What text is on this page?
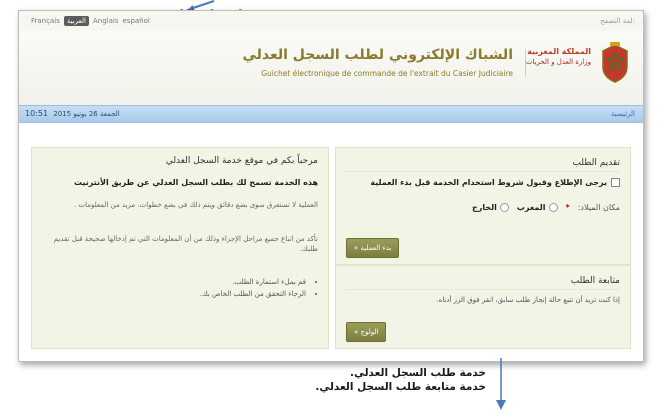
Français	العربية	Anglais español	لمة التصفح:
المملكة المغربية
وزارة العدل و الحريات
الشباك الإلكتروني لطلب السجل العدلي
Guichet électronique de commande de l'extrait du Casier Judiciaire
10:51 2015 الجمعة 26 يونيو	الرئيسية
تقديم الطلب
يرجى الإطلاع وقبول شروط استخدام الخدمة قبل بدء العملية
مكان الميلاد:
*
المغرب
الخارج
بدء العملية »
متابعة الطلب
إذا كنت تريد أن تتبع حالة إنجاز طلب سابق، انقر فوق الزر أدناه.
الولوج »
مرحباً بكم في موقع خدمة السجل العدلي
هذه الخدمة تسمح لك بطلب السجل العدلي عن طريق الأنترنيت
العملية لا تستغرق سوى بضع دقائق ويتم ذلك في بضع خطوات. مزيد من المعلومات .
تأكد من اتباع جميع مراحل الإجراء وذلك من أن المعلومات التي تم إدخالها صحيحة قبل تقديم طلبك.
• قم بملء استمارة الطلب.
• الرجاء التحقق من الطلب الخاص بك.
خدمة طلب السجل العدلي.
خدمة متابعة طلب السجل العدلي.
